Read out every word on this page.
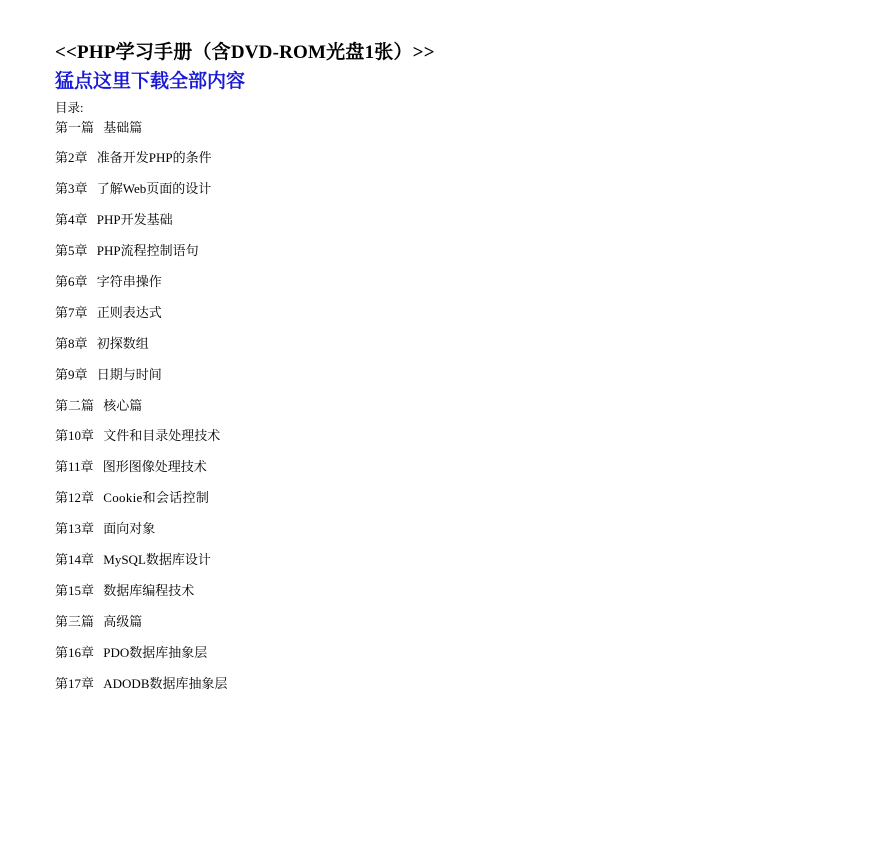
<<PHP学习手册（含DVD-ROM光盘1张）>>
猛点这里下载全部内容
目录:
第一篇 基础篇
第2章 准备开发PHP的条件
第3章 了解Web页面的设计
第4章 PHP开发基础
第5章 PHP流程控制语句
第6章 字符串操作
第7章 正则表达式
第8章 初探数组
第9章 日期与时间
第二篇 核心篇
第10章 文件和目录处理技术
第11章 图形图像处理技术
第12章 Cookie和会话控制
第13章 面向对象
第14章 MySQL数据库设计
第15章 数据库编程技术
第三篇 高级篇
第16章 PDO数据库抽象层
第17章 ADODB数据库抽象层
